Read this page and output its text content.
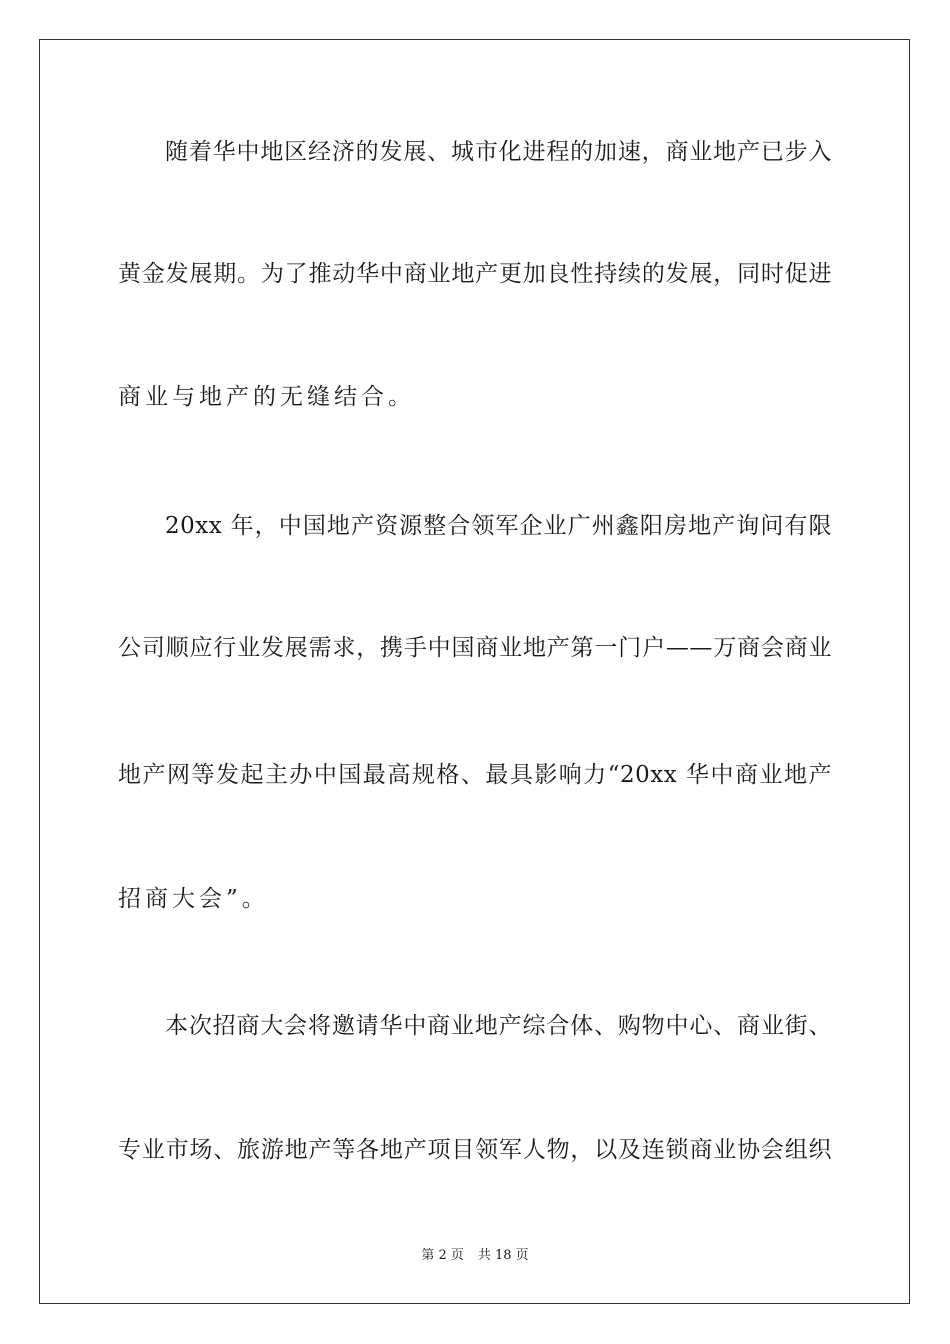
随着华中地区经济的发展、城市化进程的加速，商业地产已步入
黄金发展期。为了推动华中商业地产更加良性持续的发展，同时促进
商业与地产的无缝结合。
20xx 年，中国地产资源整合领军企业广州鑫阳房地产询问有限
公司顺应行业发展需求，携手中国商业地产第一门户——万商会商业
地产网等发起主办中国最高规格、最具影响力“20xx 华中商业地产
招商大会”。
本次招商大会将邀请华中商业地产综合体、购物中心、商业街、
专业市场、旅游地产等各地产项目领军人物，以及连锁商业协会组织
第 2 页 共 18 页
